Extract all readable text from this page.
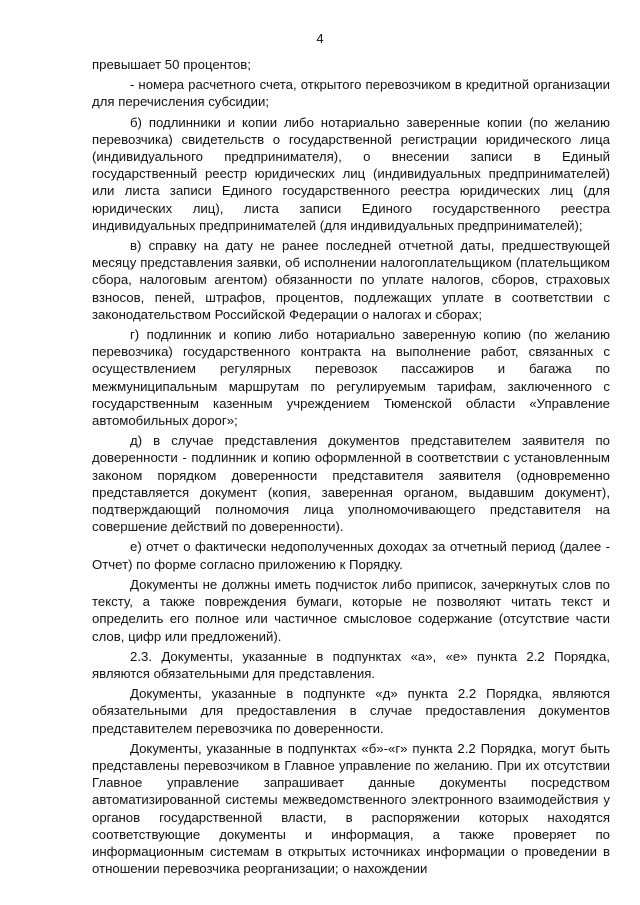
4

превышает 50 процентов;

- номера расчетного счета, открытого перевозчиком в кредитной организации для перечисления субсидии;

б) подлинники и копии либо нотариально заверенные копии (по желанию перевозчика) свидетельств о государственной регистрации юридического лица (индивидуального предпринимателя), о внесении записи в Единый государственный реестр юридических лиц (индивидуальных предпринимателей) или листа записи Единого государственного реестра юридических лиц (для юридических лиц), листа записи Единого государственного реестра индивидуальных предпринимателей (для индивидуальных предпринимателей);

в) справку на дату не ранее последней отчетной даты, предшествующей месяцу представления заявки, об исполнении налогоплательщиком (плательщиком сбора, налоговым агентом) обязанности по уплате налогов, сборов, страховых взносов, пеней, штрафов, процентов, подлежащих уплате в соответствии с законодательством Российской Федерации о налогах и сборах;

г) подлинник и копию либо нотариально заверенную копию (по желанию перевозчика) государственного контракта на выполнение работ, связанных с осуществлением регулярных перевозок пассажиров и багажа по межмуниципальным маршрутам по регулируемым тарифам, заключенного с государственным казенным учреждением Тюменской области «Управление автомобильных дорог»;

д) в случае представления документов представителем заявителя по доверенности - подлинник и копию оформленной в соответствии с установленным законом порядком доверенности представителя заявителя (одновременно представляется документ (копия, заверенная органом, выдавшим документ), подтверждающий полномочия лица уполномочивающего представителя на совершение действий по доверенности).

е) отчет о фактически недополученных доходах за отчетный период (далее - Отчет) по форме согласно приложению к Порядку.

Документы не должны иметь подчисток либо приписок, зачеркнутых слов по тексту, а также повреждения бумаги, которые не позволяют читать текст и определить его полное или частичное смысловое содержание (отсутствие части слов, цифр или предложений).

2.3. Документы, указанные в подпунктах «а», «е» пункта 2.2 Порядка, являются обязательными для представления.

Документы, указанные в подпункте «д» пункта 2.2 Порядка, являются обязательными для предоставления в случае предоставления документов представителем перевозчика по доверенности.

Документы, указанные в подпунктах «б»-«г» пункта 2.2 Порядка, могут быть представлены перевозчиком в Главное управление по желанию. При их отсутствии Главное управление запрашивает данные документы посредством автоматизированной системы межведомственного электронного взаимодействия у органов государственной власти, в распоряжении которых находятся соответствующие документы и информация, а также проверяет по информационным системам в открытых источниках информации о проведении в отношении перевозчика реорганизации; о нахождении
